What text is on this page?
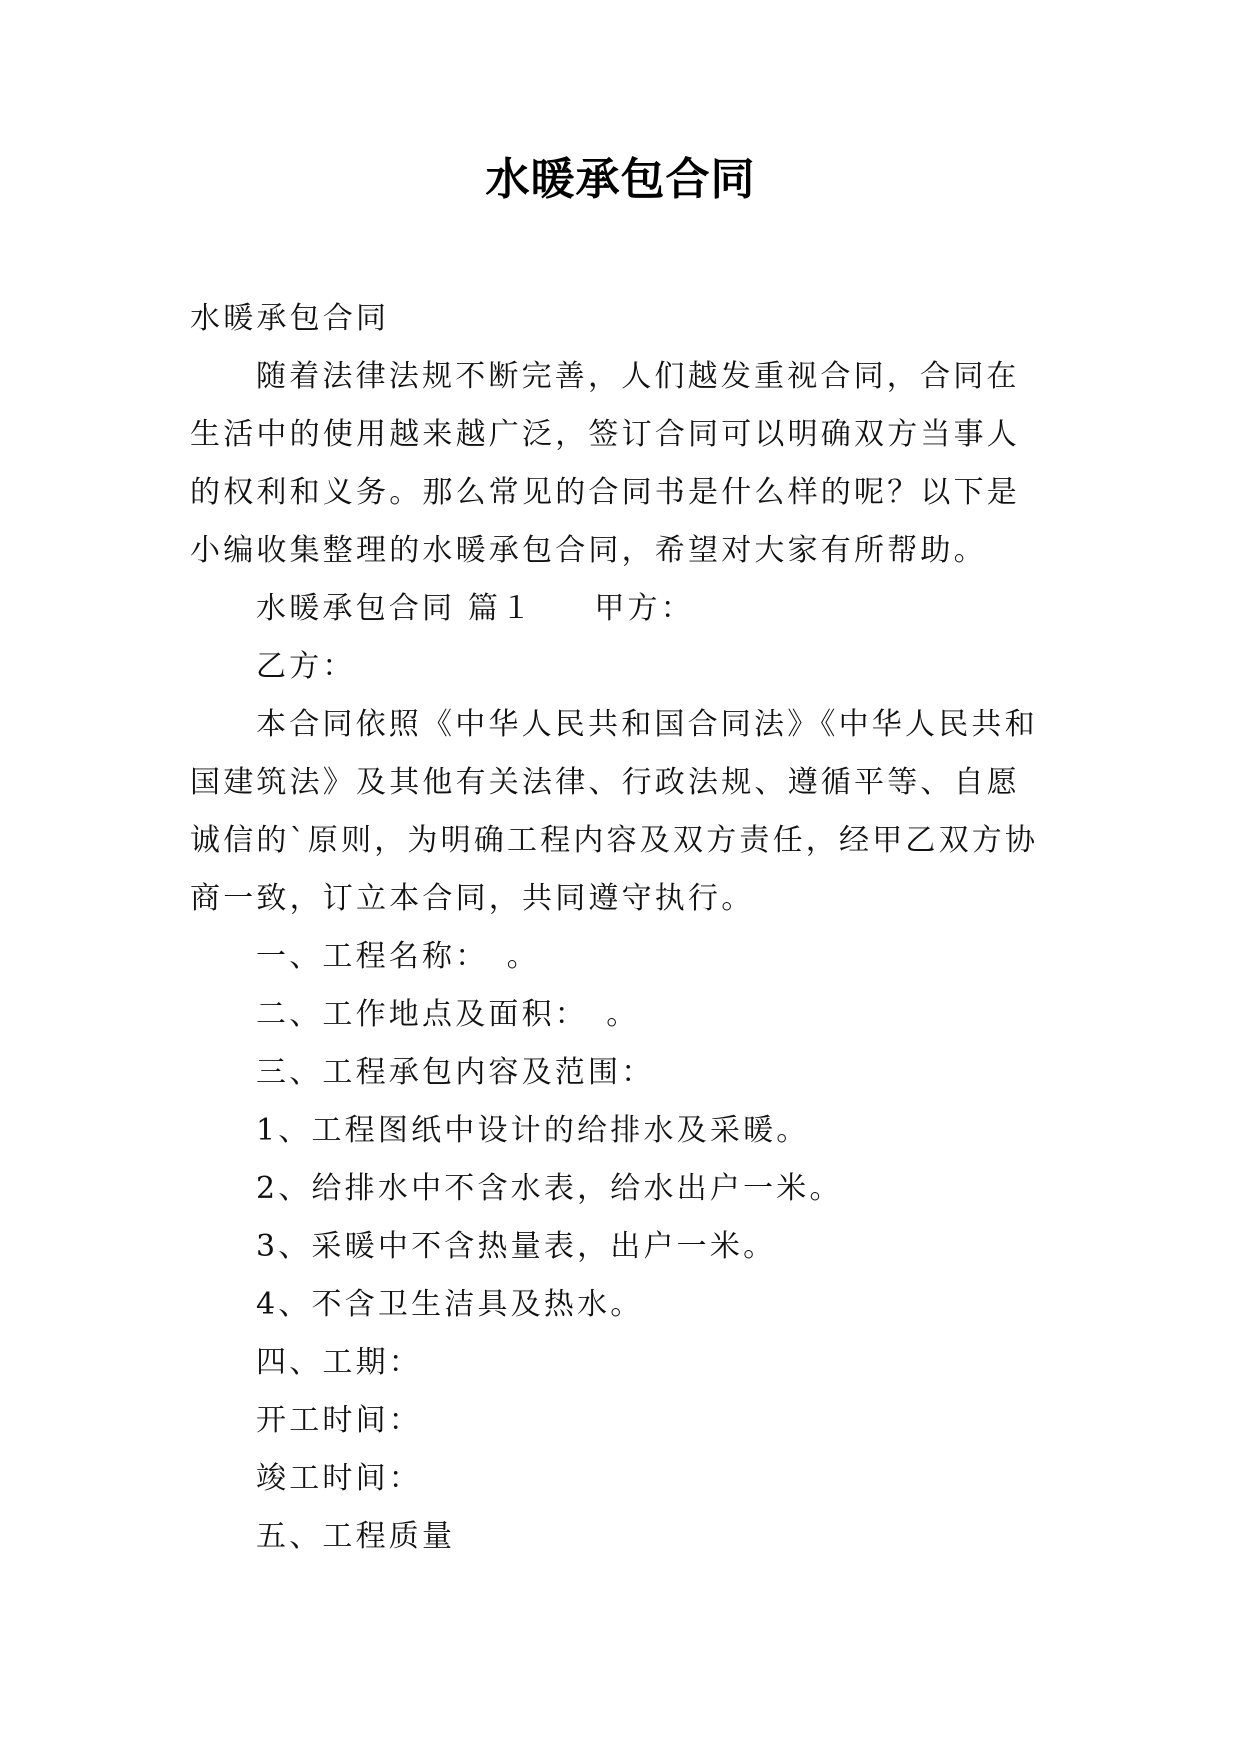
水暖承包合同

水暖承包合同

随着法律法规不断完善，人们越发重视合同，合同在生活中的使用越来越广泛，签订合同可以明确双方当事人的权利和义务。那么常见的合同书是什么样的呢？以下是小编收集整理的水暖承包合同，希望对大家有所帮助。

水暖承包合同 篇１ 甲方：

乙方：

本合同依照《中华人民共和国合同法》《中华人民共和国建筑法》及其他有关法律、行政法规、遵循平等、自愿诚信的`原则，为明确工程内容及双方责任，经甲乙双方协商一致，订立本合同，共同遵守执行。

一、工程名称：　。

二、工作地点及面积：　。

三、工程承包内容及范围：

1、工程图纸中设计的给排水及采暖。

2、给排水中不含水表，给水出户一米。

3、采暖中不含热量表，出户一米。

4、不含卫生洁具及热水。

四、工期：

开工时间：

竣工时间：

五、工程质量
